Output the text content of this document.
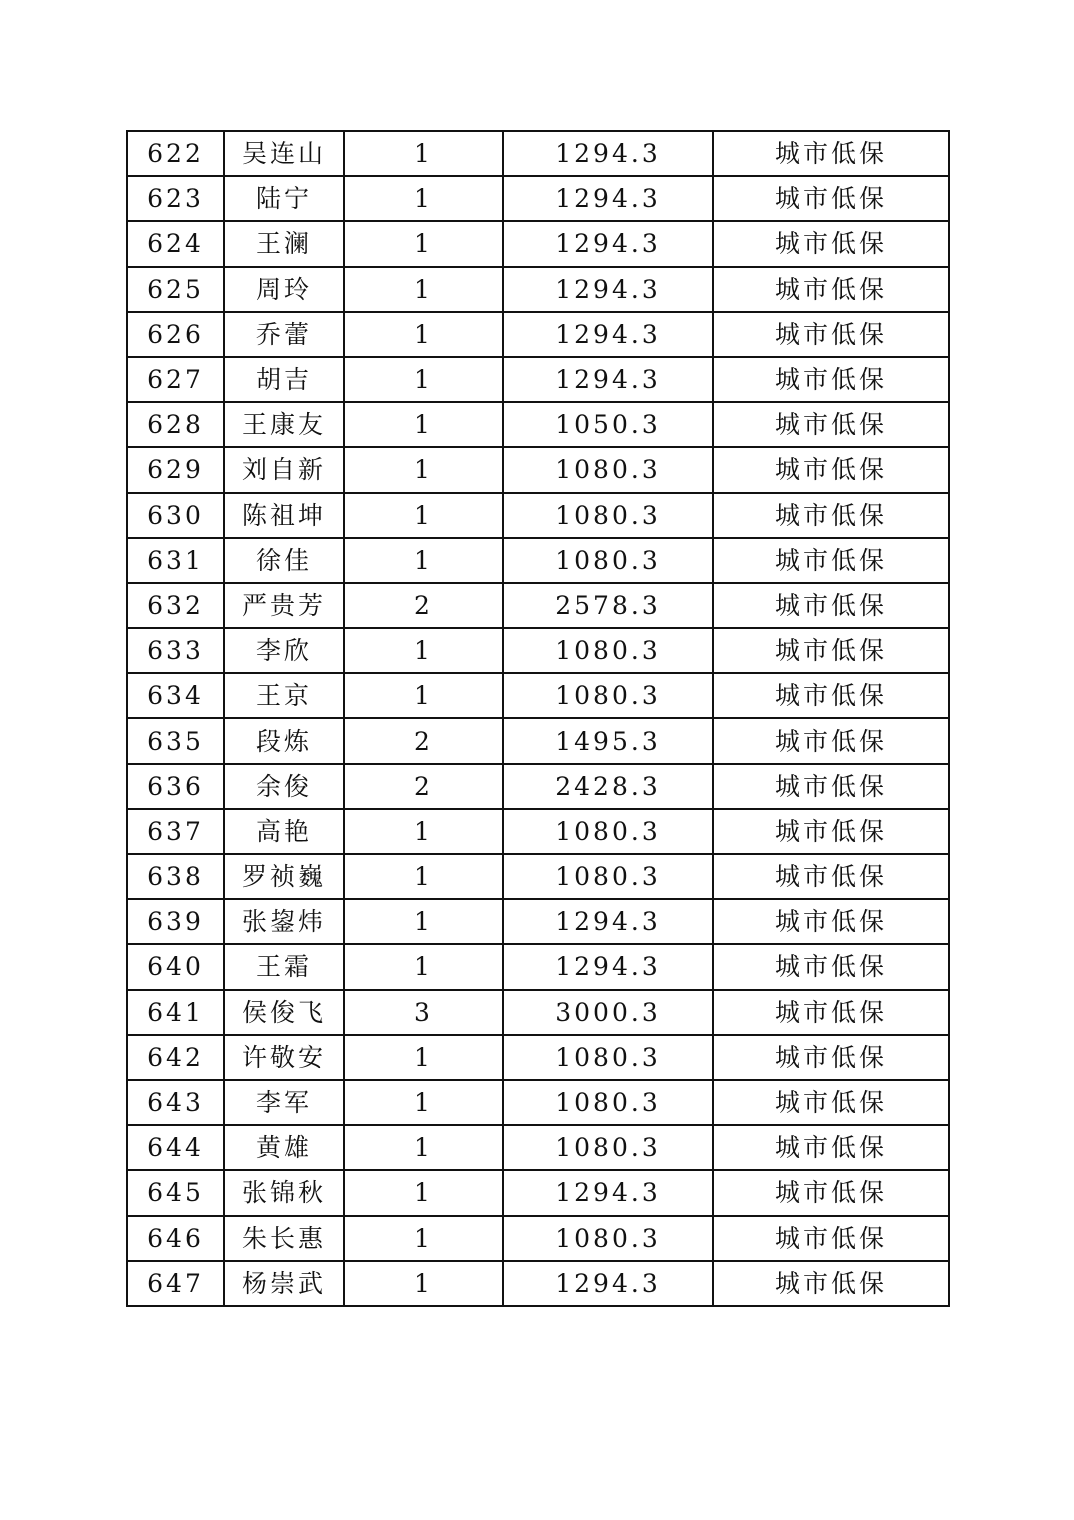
622	吴连山	1	1294.3	城市低保
623	陆宁	1	1294.3	城市低保
624	王澜	1	1294.3	城市低保
625	周玲	1	1294.3	城市低保
626	乔蕾	1	1294.3	城市低保
627	胡吉	1	1294.3	城市低保
628	王康友	1	1050.3	城市低保
629	刘自新	1	1080.3	城市低保
630	陈祖坤	1	1080.3	城市低保
631	徐佳	1	1080.3	城市低保
632	严贵芳	2	2578.3	城市低保
633	李欣	1	1080.3	城市低保
634	王京	1	1080.3	城市低保
635	段炼	2	1495.3	城市低保
636	余俊	2	2428.3	城市低保
637	高艳	1	1080.3	城市低保
638	罗祯巍	1	1080.3	城市低保
639	张鋆炜	1	1294.3	城市低保
640	王霜	1	1294.3	城市低保
641	侯俊飞	3	3000.3	城市低保
642	许敬安	1	1080.3	城市低保
643	李军	1	1080.3	城市低保
644	黄雄	1	1080.3	城市低保
645	张锦秋	1	1294.3	城市低保
646	朱长惠	1	1080.3	城市低保
647	杨崇武	1	1294.3	城市低保
